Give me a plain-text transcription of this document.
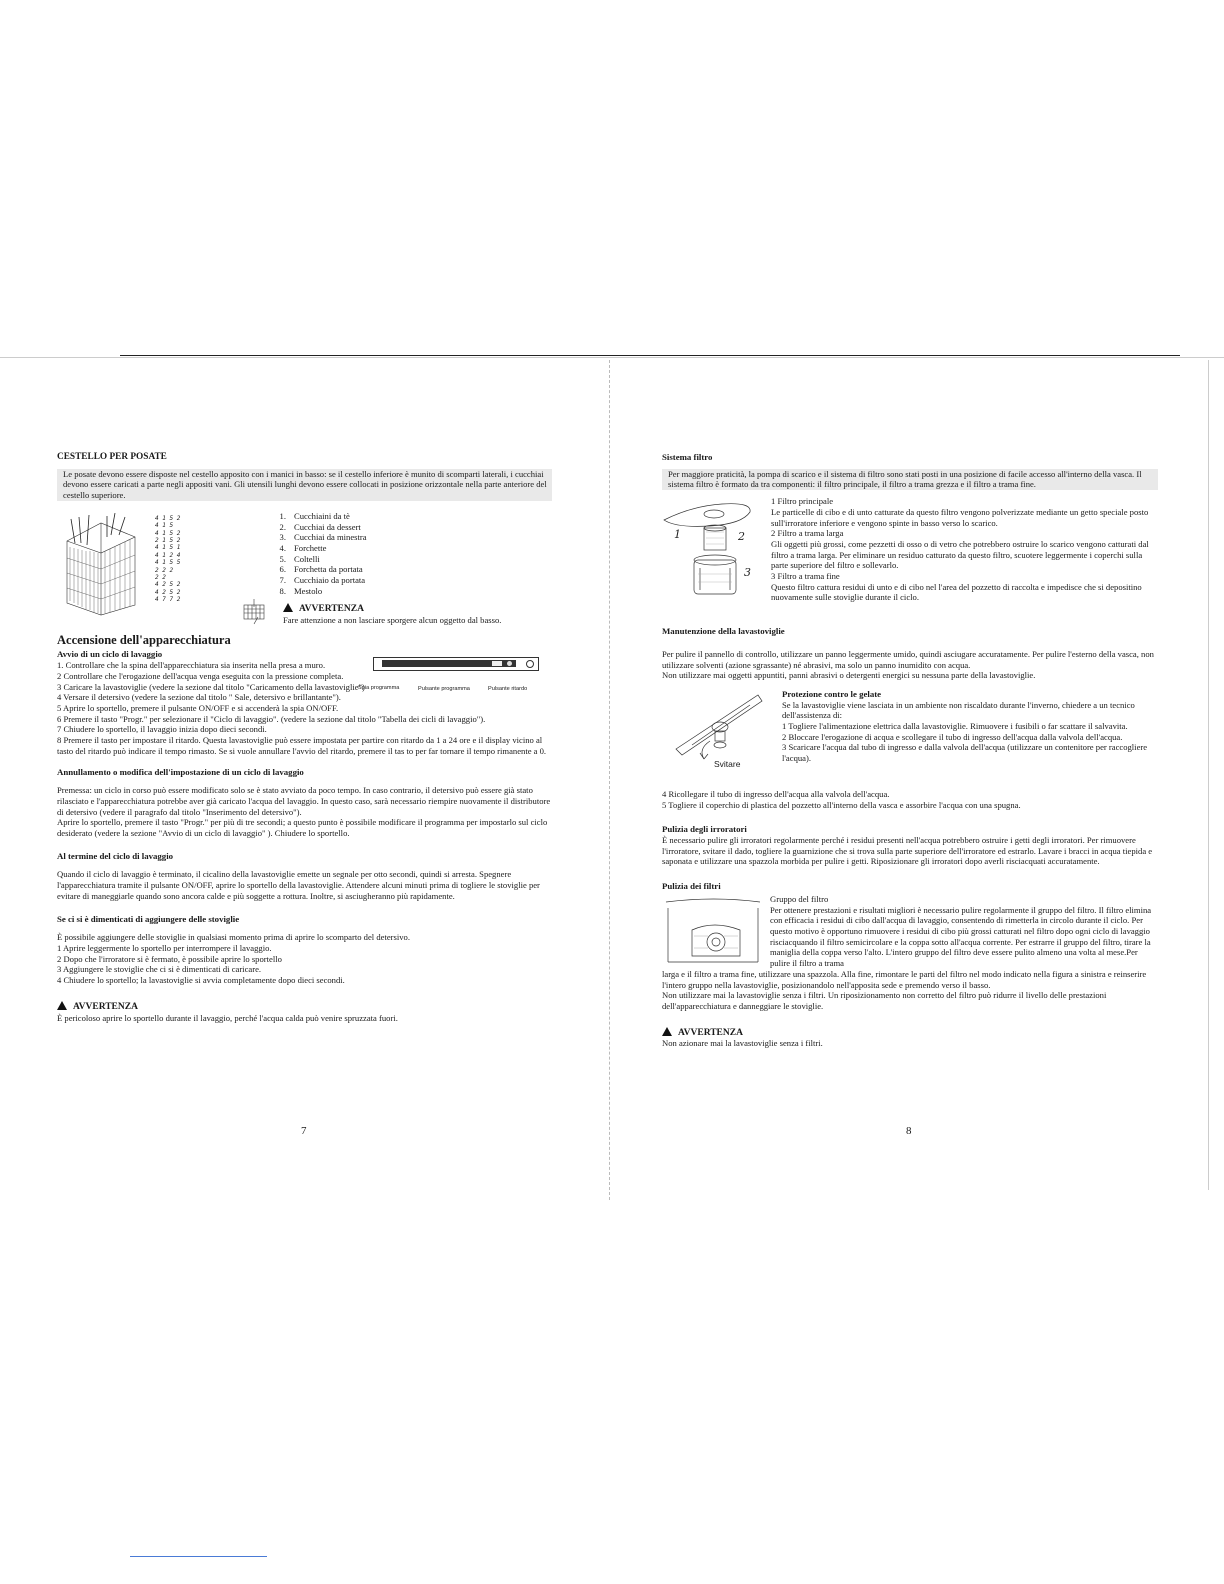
CESTELLO PER POSATE

Le posate devono essere disposte nel cestello apposito con i manici in basso: se il cestello inferiore è munito di scomparti laterali, i cucchiai devono essere caricati a parte negli appositi vani. Gli utensili lunghi devono essere collocati in posizione orizzontale nella parte anteriore del cestello superiore.

4 1 5 2
4 1 5
4 1 5 2
2 1 5 2
4 1 5 1
4 1 2 4
4 1 5 5
2 2 2
2 2
4 2 5 2
4 2 5 2
4 7 7 2
1. Cucchiaini da tè
2. Cucchiai da dessert
3. Cucchiai da minestra
4. Forchette
5. Coltelli
6. Forchetta da portata
7. Cucchiaio da portata
8. Mestolo
AVVERTENZA
Fare attenzione a non lasciare sporgere alcun oggetto dal basso.
Accensione dell'apparecchiatura
Avvio di un ciclo di lavaggio
1. Controllare che la spina dell'apparecchiatura sia inserita nella presa a muro.
2 Controllare che l'erogazione dell'acqua venga eseguita con la pressione completa.
Spia programma	Pulsante programma	Pulsante ritardo
3 Caricare la lavastoviglie (vedere la sezione dal titolo "Caricamento della lavastoviglie")
4 Versare il detersivo (vedere la sezione dal titolo " Sale, detersivo e brillantante").
5 Aprire lo sportello, premere il pulsante ON/OFF e si accenderà la spia ON/OFF.
6 Premere il tasto "Progr." per selezionare il "Ciclo di lavaggio". (vedere la sezione dal titolo "Tabella dei cicli di lavaggio").
7 Chiudere lo sportello, il lavaggio inizia dopo dieci secondi.
8 Premere il tasto per impostare il ritardo. Questa lavastoviglie può essere impostata per partire con ritardo da 1 a 24 ore e il display vicino al tasto del ritardo può indicare il tempo rimasto. Se si vuole annullare l'avvio del ritardo, premere il tas to per far tornare il tempo rimanente a 0.
Annullamento o modifica dell'impostazione di un ciclo di lavaggio

Premessa: un ciclo in corso può essere modificato solo se è stato avviato da poco tempo. In caso contrario, il detersivo può essere già stato rilasciato e l'apparecchiatura potrebbe aver già caricato l'acqua del lavaggio. In questo caso, sarà necessario riempire nuovamente il distributore di detersivo (vedere il paragrafo dal titolo "Inserimento del detersivo").

Aprire lo sportello, premere il tasto "Progr." per più di tre secondi; a questo punto è possibile modificare il programma per impostarlo sul ciclo desiderato (vedere la sezione "Avvio di un ciclo di lavaggio" ). Chiudere lo sportello.

Al termine del ciclo di lavaggio

Quando il ciclo di lavaggio è terminato, il cicalino della lavastoviglie emette un segnale per otto secondi, quindi si arresta. Spegnere l'apparecchiatura tramite il pulsante ON/OFF, aprire lo sportello della lavastoviglie. Attendere alcuni minuti prima di togliere le stoviglie per evitare di maneggiarle quando sono ancora calde e più soggette a rottura. Inoltre, si asciugheranno più rapidamente.

Se ci si è dimenticati di aggiungere delle stoviglie

È possibile aggiungere delle stoviglie in qualsiasi momento prima di aprire lo scomparto del detersivo.

1 Aprire leggermente lo sportello per interrompere il lavaggio.
2 Dopo che l'irroratore si è fermato, è possibile aprire lo sportello
3 Aggiungere le stoviglie che ci si è dimenticati di caricare.
4 Chiudere lo sportello; la lavastoviglie si avvia completamente dopo dieci secondi.
AVVERTENZA
È pericoloso aprire lo sportello durante il lavaggio, perché l'acqua calda può venire spruzzata fuori.
7
Sistema filtro

Per maggiore praticità, la pompa di scarico e il sistema di filtro sono stati posti in una posizione di facile accesso all'interno della vasca. Il sistema filtro è formato da tra componenti: il filtro principale, il filtro a trama grezza e il filtro a trama fine.

1	2
3
1 Filtro principale
Le particelle di cibo e di unto catturate da questo filtro vengono polverizzate mediante un getto speciale posto sull'irroratore inferiore e vengono spinte in basso verso lo scarico.
2 Filtro a trama larga
Gli oggetti più grossi, come pezzetti di osso o di vetro che potrebbero ostruire lo scarico vengono catturati dal filtro a trama larga. Per eliminare un residuo catturato da questo filtro, scuotere leggermente i coperchi sulla parte superiore del filtro e sollevarlo.
3 Filtro a trama fine
Questo filtro cattura residui di unto e di cibo nel l'area del pozzetto di raccolta e impedisce che si depositino nuovamente sulle stoviglie durante il ciclo.
Manutenzione della lavastoviglie

Per pulire il pannello di controllo, utilizzare un panno leggermente umido, quindi asciugare accuratamente. Per pulire l'esterno della vasca, non utilizzare solventi (azione sgrassante) né abrasivi, ma solo un panno inumidito con acqua.

Non utilizzare mai oggetti appuntiti, panni abrasivi o detergenti energici su nessuna parte della lavastoviglie.

Svitare
Protezione contro le gelate
Se la lavastoviglie viene lasciata in un ambiente non riscaldato durante l'inverno, chiedere a un tecnico dell'assistenza di:
1 Togliere l'alimentazione elettrica dalla lavastoviglie. Rimuovere i fusibili o far scattare il salvavita.
2 Bloccare l'erogazione di acqua e scollegare il tubo di ingresso dell'acqua dalla valvola dell'acqua.
3 Scaricare l'acqua dal tubo di ingresso e dalla valvola dell'acqua (utilizzare un contenitore per raccogliere l'acqua).
4 Ricollegare il tubo di ingresso dell'acqua alla valvola dell'acqua.
5 Togliere il coperchio di plastica del pozzetto all'interno della vasca e assorbire l'acqua con una spugna.
Pulizia degli irroratori

È necessario pulire gli irroratori regolarmente perché i residui presenti nell'acqua potrebbero ostruire i getti degli irroratori. Per rimuovere l'irroratore, svitare il dado, togliere la guarnizione che si trova sulla parte superiore dell'irroratore ed estrarlo. Lavare i bracci in acqua tiepida e saponata e utilizzare una spazzola morbida per pulire i getti. Riposizionare gli irroratori dopo averli risciacquati accuratamente.

Pulizia dei filtri
Gruppo del filtro
Per ottenere prestazioni e risultati migliori è necessario pulire regolarmente il gruppo del filtro. Il filtro elimina con efficacia i residui di cibo dall'acqua di lavaggio, consentendo di rimetterla in circolo durante il ciclo. Per questo motivo è opportuno rimuovere i residui di cibo più grossi catturati nel filtro dopo ogni ciclo di lavaggio risciacquando il filtro semicircolare e la coppa sotto all'acqua corrente. Per estrarre il gruppo del filtro, tirare la maniglia della coppa verso l'alto. L'intero gruppo del filtro deve essere pulito almeno una volta al mese.Per pulire il filtro a trama

larga e il filtro a trama fine, utilizzare una spazzola. Alla fine, rimontare le parti del filtro nel modo indicato nella figura a sinistra e reinserire l'intero gruppo nella lavastoviglie, posizionandolo nell'apposita sede e premendo verso il basso.

Non utilizzare mai la lavastoviglie senza i filtri. Un riposizionamento non corretto del filtro può ridurre il livello delle prestazioni dell'apparecchiatura e danneggiare le stoviglie.

AVVERTENZA
Non azionare mai la lavastoviglie senza i filtri.
8
